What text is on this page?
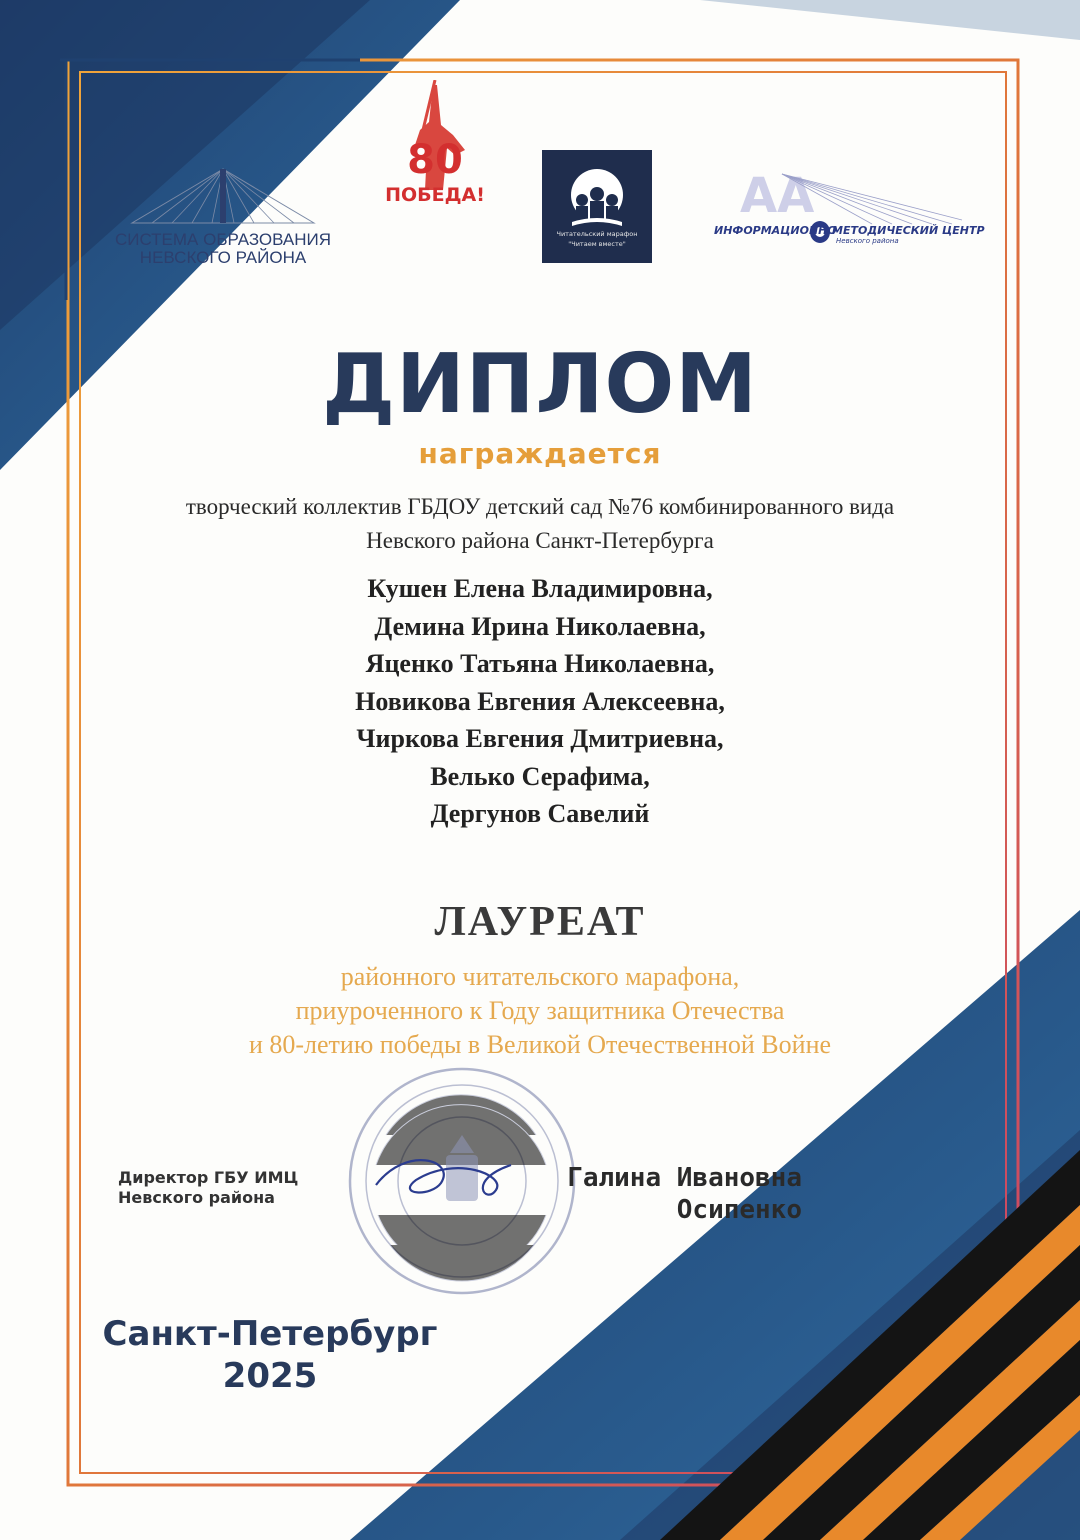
СИСТЕМА ОБРАЗОВАНИЯ
НЕВСКОГО РАЙОНА
80
ПОБЕДА!
Читательский марафон
"Читаем вместе"
AA
ИНФОРМАЦИОННО
МЕТОДИЧЕСКИЙ ЦЕНТР
Невского района
ДИПЛОМ
награждается
творческий коллектив ГБДОУ детский сад №76 комбинированного вида
Невского района Санкт-Петербурга
Кушен Елена Владимировна,
Демина Ирина Николаевна,
Яценко Татьяна Николаевна,
Новикова Евгения Алексеевна,
Чиркова Евгения Дмитриевна,
Велько Серафима,
Дергунов Савелий
ЛАУРЕАТ
районного читательского марафона,
приуроченного к Году защитника Отечества
и 80-летию победы в Великой Отечественной Войне
Директор ГБУ ИМЦ
Невского района
Галина Ивановна
Осипенко
Санкт-Петербург
2025
